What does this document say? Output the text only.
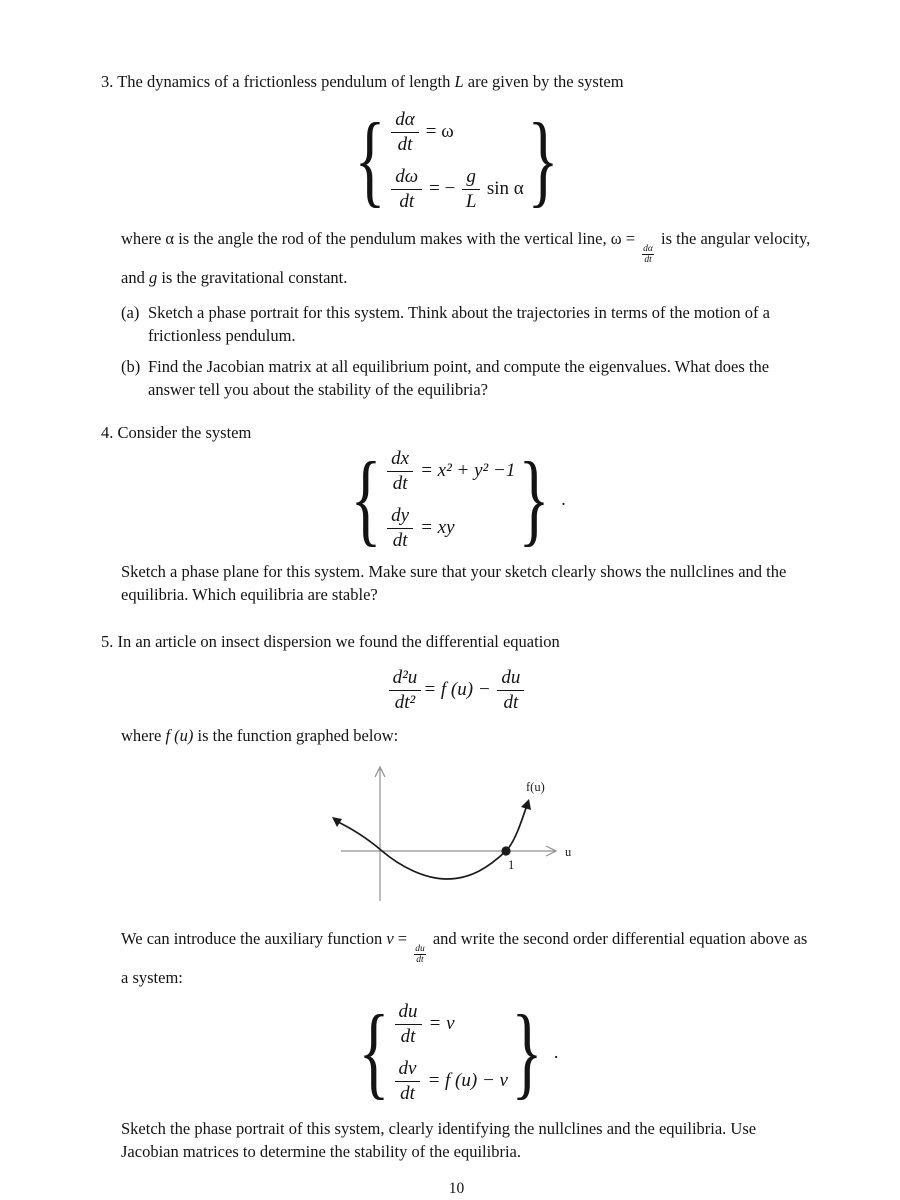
3. The dynamics of a frictionless pendulum of length L are given by the system

{ $\frac{d\alpha}{dt} = \omega$
$\frac{d\omega}{dt}$ = − $\frac{g}{L}$ sin α }

where α is the angle the rod of the pendulum makes with the vertical line, ω =
$\frac{d\alpha}{dt}$
is the angular velocity, and g is the gravitational constant.

(a) Sketch a phase portrait for this system. Think about the trajectories in terms of the motion of a frictionless pendulum.
(b) Find the Jacobian matrix at all equilibrium point, and compute the eigenvalues. What does the answer tell you about the stability of the equilibria?

4. Consider the system

{ $\frac{dx}{dt} = x^2 + y^2 -1$
$\frac{dy}{dt}$ = xy } .

Sketch a phase plane for this system. Make sure that your sketch clearly shows the nullclines and the equilibria. Which equilibria are stable?

5. In an article on insect dispersion we found the differential equation

$\frac{\text{d²u}}{\text{dt²}} = f$ $(u) - \frac{du}{dt}$

where f (u) is the function graphed below:

f(u)
u
1

We can introduce the auxiliary function v =
$\frac{du}{dt}$
and write the second order differential equation above as a system:

{ $\frac{du}{dt} = v$
$\frac{dv}{dt} = f$ (u) − v } .

Sketch the phase portrait of this system, clearly identifying the nullclines and the equilibria. Use Jacobian matrices to determine the stability of the equilibria.

10
